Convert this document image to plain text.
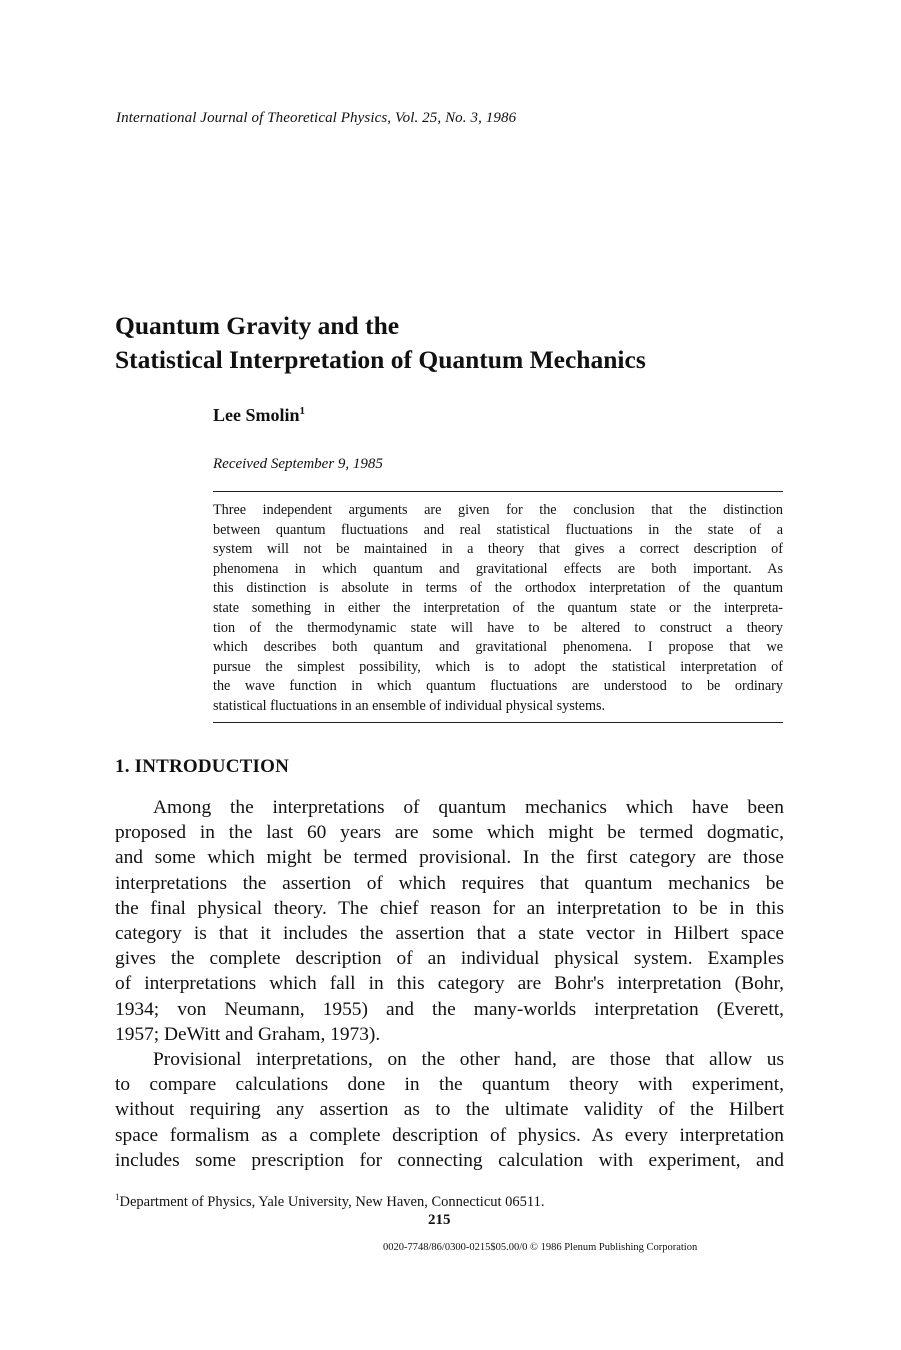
International Journal of Theoretical Physics, Vol. 25, No. 3, 1986
Quantum Gravity and the
Statistical Interpretation of Quantum Mechanics
Lee Smolin$^1$
Received September 9, 1985
Three independent arguments are given for the conclusion that the distinction
between quantum fluctuations and real statistical fluctuations in the state of a
system will not be maintained in a theory that gives a correct description of
phenomena in which quantum and gravitational effects are both important. As
this distinction is absolute in terms of the orthodox interpretation of the quantum
state something in either the interpretation of the quantum state or the interpreta-
tion of the thermodynamic state will have to be altered to construct a theory
which describes both quantum and gravitational phenomena. I propose that we
pursue the simplest possibility, which is to adopt the statistical interpretation of
the wave function in which quantum fluctuations are understood to be ordinary
statistical fluctuations in an ensemble of individual physical systems.
1. INTRODUCTION
Among the interpretations of quantum mechanics which have been
proposed in the last 60 years are some which might be termed dogmatic,
and some which might be termed provisional. In the first category are those
interpretations the assertion of which requires that quantum mechanics be
the final physical theory. The chief reason for an interpretation to be in this
category is that it includes the assertion that a state vector in Hilbert space
gives the complete description of an individual physical system. Examples
of interpretations which fall in this category are Bohr's interpretation (Bohr,
1934; von Neumann, 1955) and the many-worlds interpretation (Everett,
1957; DeWitt and Graham, 1973).
Provisional interpretations, on the other hand, are those that allow us
to compare calculations done in the quantum theory with experiment,
without requiring any assertion as to the ultimate validity of the Hilbert
space formalism as a complete description of physics. As every interpretation
includes some prescription for connecting calculation with experiment, and
$^1$Department of Physics, Yale University, New Haven, Connecticut 06511.
215
0020-7748/86/0300-0215$05.00/0 © 1986 Plenum Publishing Corporation
